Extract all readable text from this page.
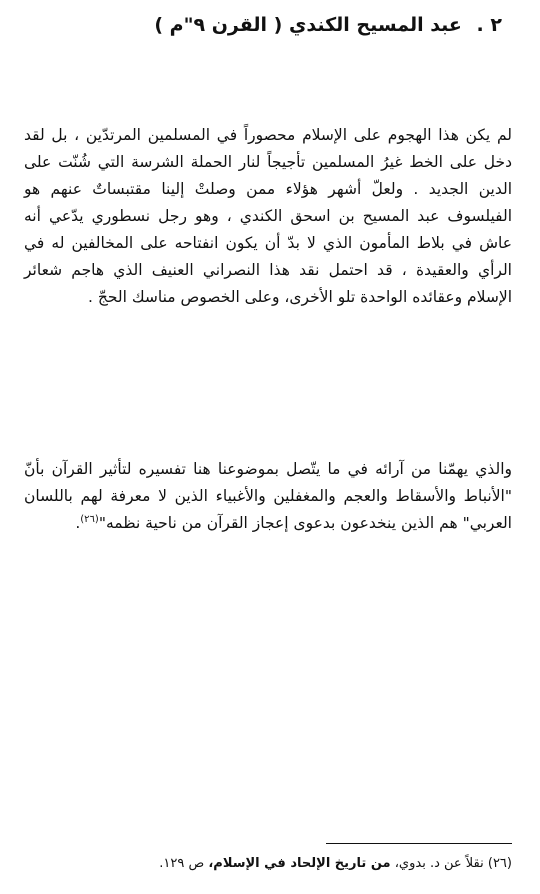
٢ . عبد المسيح الكندي ( القرن ٩"م )

لم يكن هذا الهجوم على الإسلام محصوراً في المسلمين المرتدّين ، بل لقد دخل على الخط غيرُ المسلمين تأجيجاً لنار الحملة الشرسة التي شُنّت على الدين الجديد . ولعلّ أشهر هؤلاء ممن وصلتْ إلينا مقتبساتٌ عنهم هو الفيلسوف عبد المسيح بن اسحق الكندي ، وهو رجل نسطوري يدّعي أنه عاش في بلاط المأمون الذي لا بدّ أن يكون انفتاحه على المخالفين له في الرأي والعقيدة ، قد احتمل نقد هذا النصراني العنيف الذي هاجم شعائر الإسلام وعقائده الواحدة تلو الأخرى، وعلى الخصوص مناسك الحجّ .

والذي يهمّنا من آرائه في ما يتّصل بموضوعنا هنا تفسيره لتأثير القرآن بأنّ "الأنباط والأسقاط والعجم والمغفلين والأغبياء الذين لا معرفة لهم باللسان العربي" هم الذين ينخدعون بدعوى إعجاز القرآن من ناحية نظمه"$^{(٢٦)}$.

(٢٦) نقلاً عن د. بدوي، من تاريخ الإلحاد في الإسلام، ص ١٢٩.
